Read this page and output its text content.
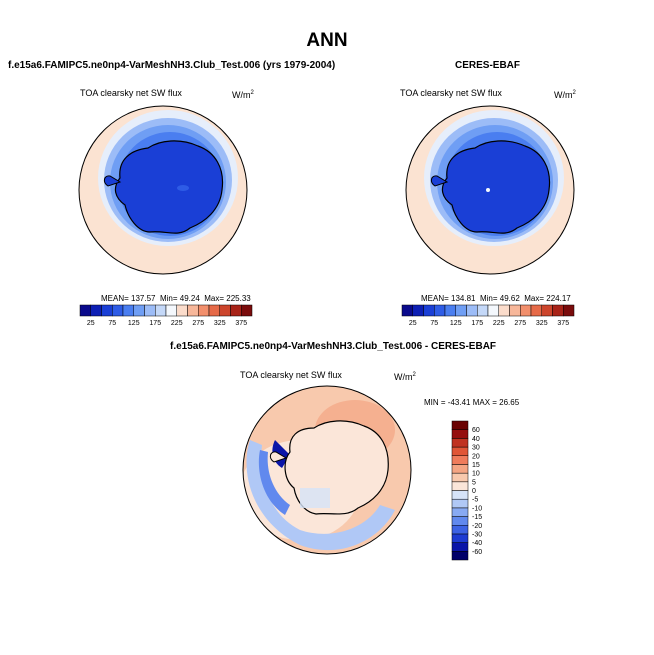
ANN
f.e15a6.FAMIPC5.ne0np4-VarMeshNH3.Club_Test.006 (yrs 1979-2004)
TOA clearsky net SW flux	$W/m^2$
CERES-EBAF
TOA clearsky net SW flux	$W/m^2$
MEAN= 137.57 Min= 49.24 Max= 225.33	MEAN= 134.81 Min= 49.62 Max= 224.17
f.e15a6.FAMIPC5.ne0np4-VarMeshNH3.Club_Test.006 - CERES-EBAF
TOA clearsky net SW flux	$W/m^2$
MIN = -43.41 MAX = 26.65
25 75 125 175 225 275 325 375	25 75 125 175 225 275 325 375
-60
-40
-30
-20
-15
-10
-5
0
5
10
15
20
30
40
60
